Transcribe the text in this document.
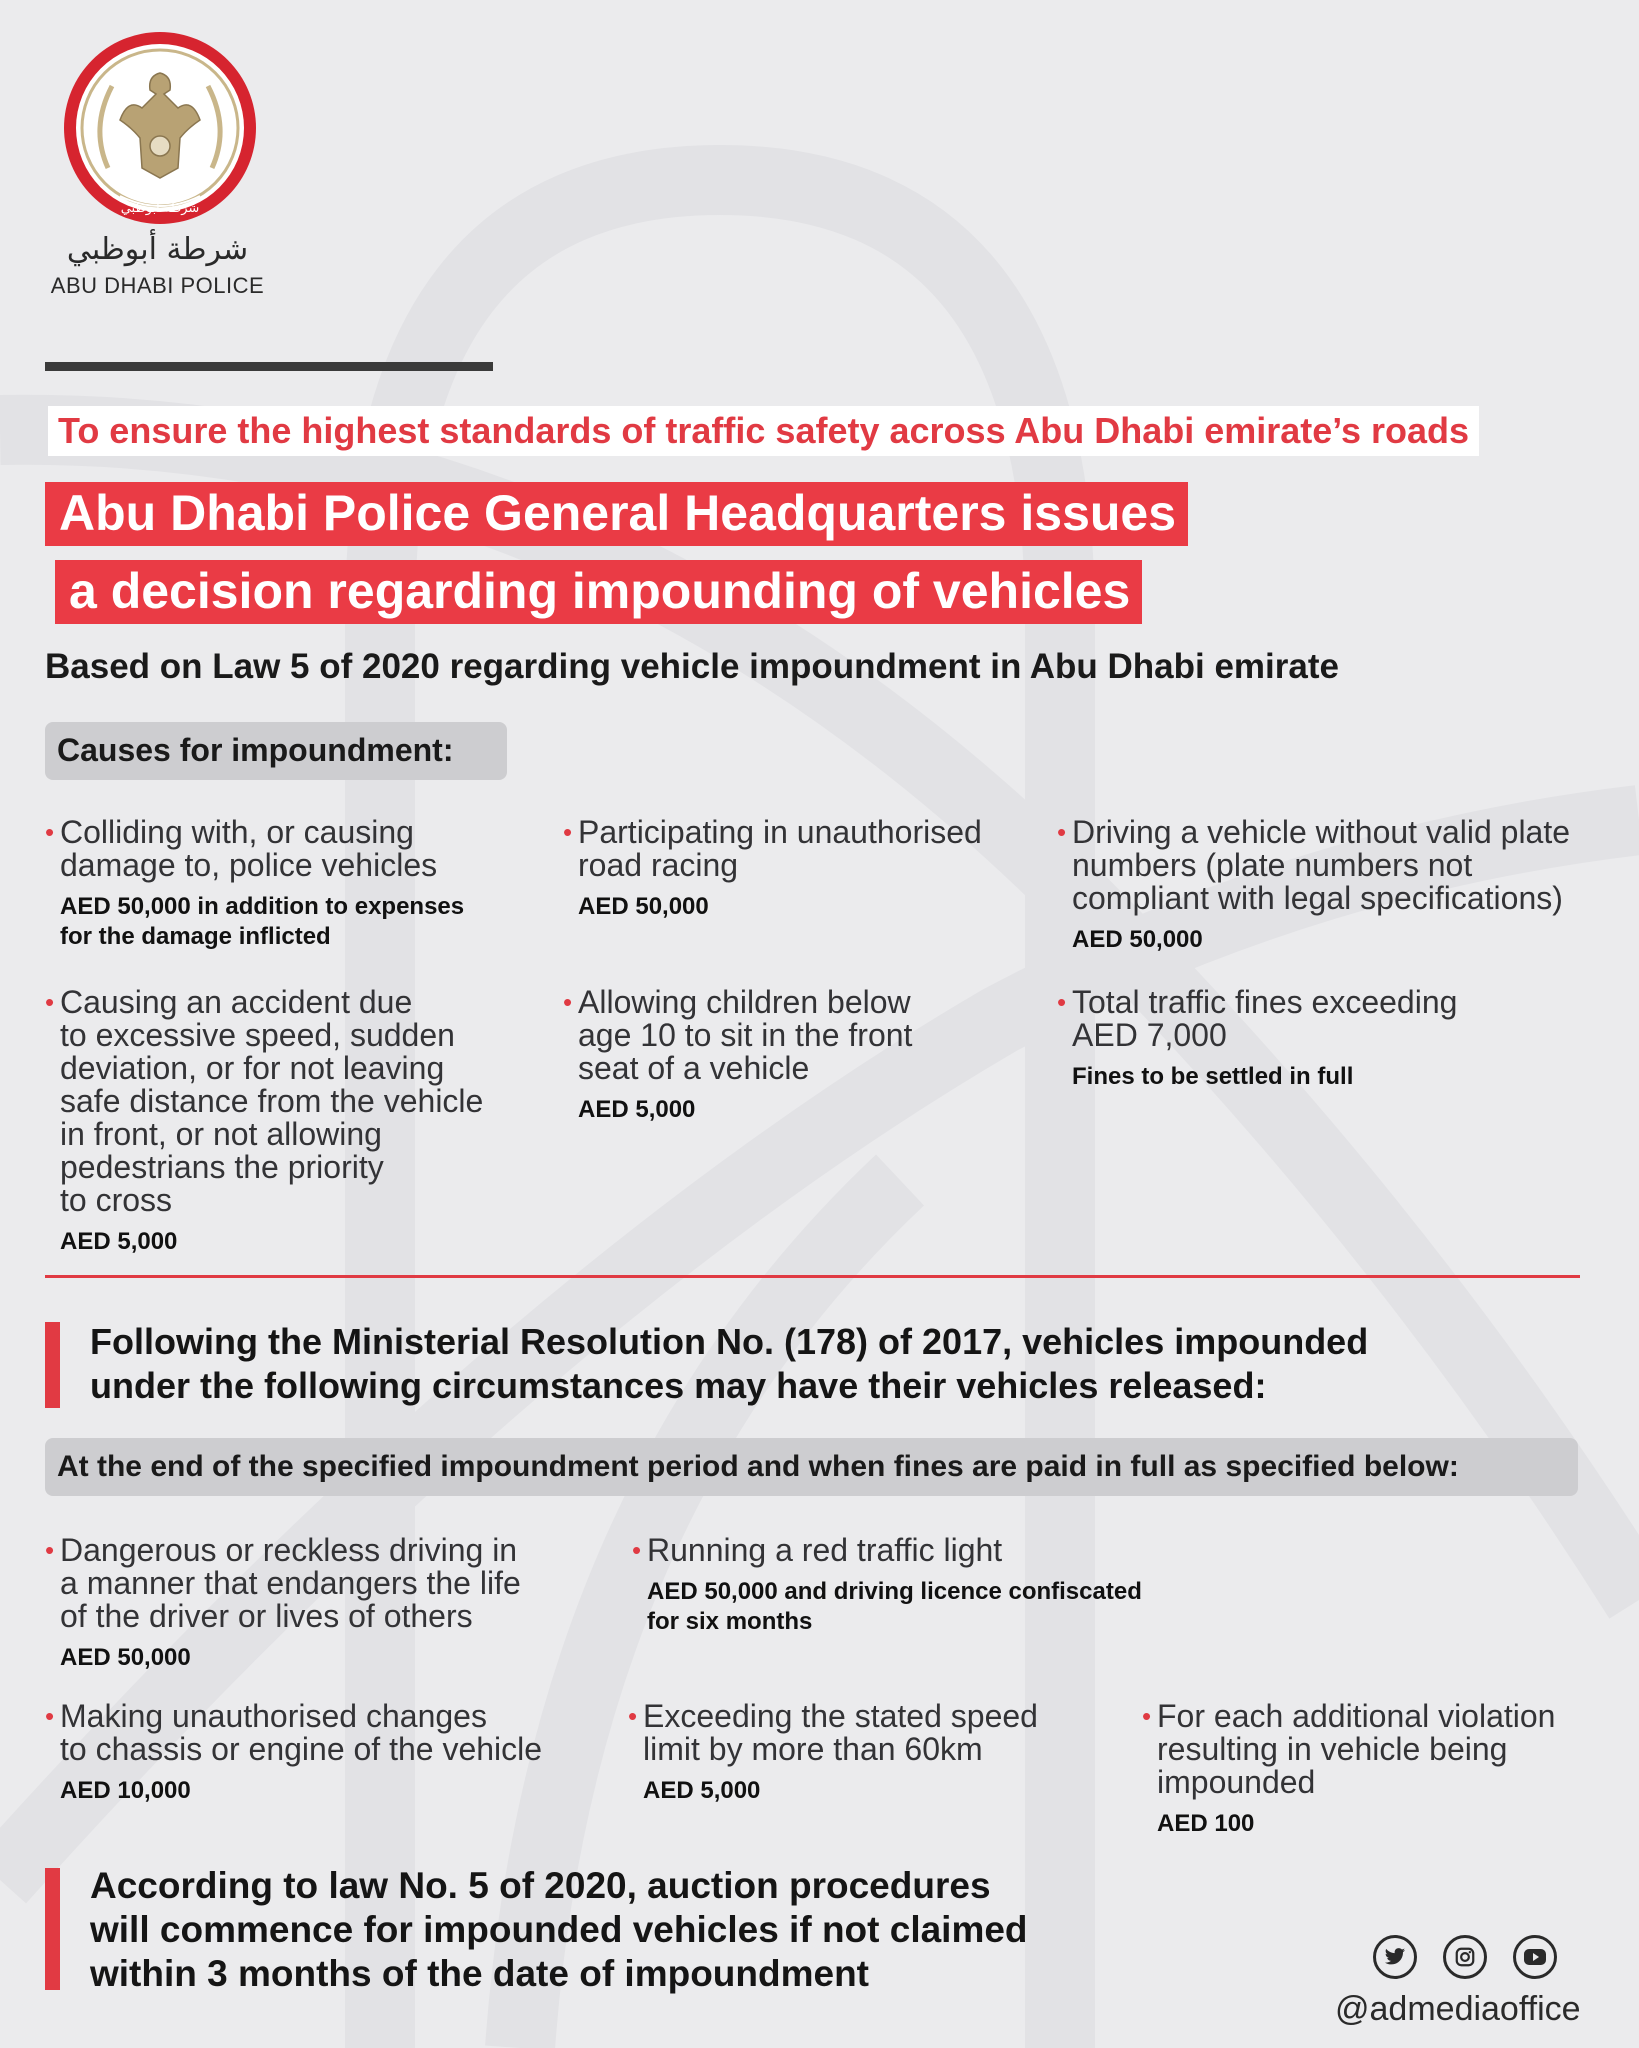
شرطة أبوظبي
شرطة أبوظبي
ABU DHABI POLICE
To ensure the highest standards of traffic safety across Abu Dhabi emirate’s roads
Abu Dhabi Police General Headquarters issues
a decision regarding impounding of vehicles
Based on Law 5 of 2020 regarding vehicle impoundment in Abu Dhabi emirate
Causes for impoundment:
• Colliding with, or causing
damage to, police vehicles
AED 50,000 in addition to expenses
for the damage inflicted
• Participating in unauthorised
road racing
AED 50,000
• Driving a vehicle without valid plate
numbers (plate numbers not
compliant with legal specifications)
AED 50,000
• Causing an accident due
to excessive speed, sudden
deviation, or for not leaving
safe distance from the vehicle
in front, or not allowing
pedestrians the priority
to cross
AED 5,000
• Allowing children below
age 10 to sit in the front
seat of a vehicle
AED 5,000
• Total traffic fines exceeding
AED 7,000
Fines to be settled in full
Following the Ministerial Resolution No. (178) of 2017, vehicles impounded
under the following circumstances may have their vehicles released:
At the end of the specified impoundment period and when fines are paid in full as specified below:
• Dangerous or reckless driving in
a manner that endangers the life
of the driver or lives of others
AED 50,000
• Running a red traffic light
AED 50,000 and driving licence confiscated
for six months
• Making unauthorised changes
to chassis or engine of the vehicle
AED 10,000
• Exceeding the stated speed
limit by more than 60km
AED 5,000
• For each additional violation
resulting in vehicle being
impounded
AED 100
According to law No. 5 of 2020, auction procedures
will commence for impounded vehicles if not claimed
within 3 months of the date of impoundment
@admediaoffice
